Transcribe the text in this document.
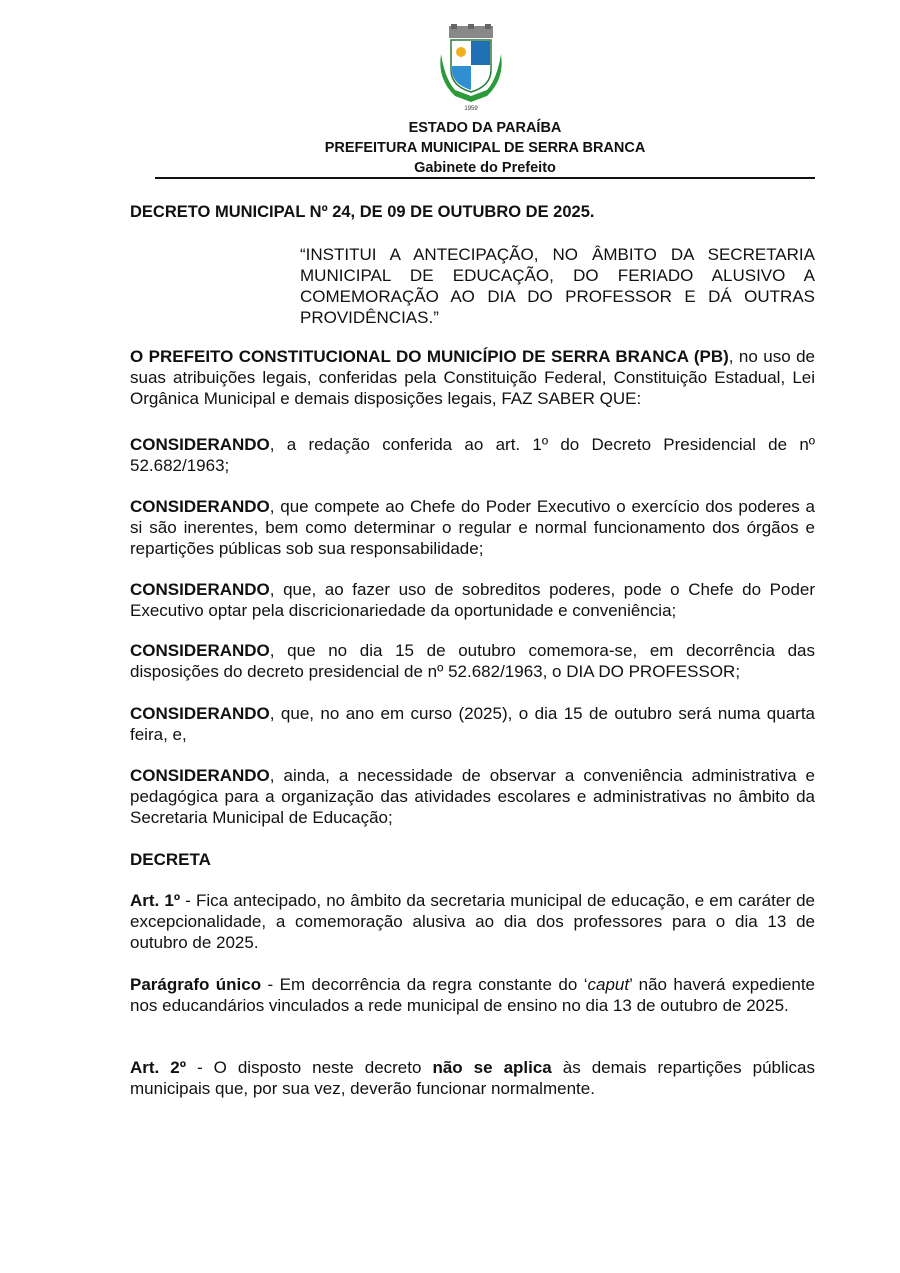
1959
ESTADO DA PARAÍBA
PREFEITURA MUNICIPAL DE SERRA BRANCA
Gabinete do Prefeito
DECRETO MUNICIPAL Nº 24, DE 09 DE OUTUBRO DE 2025.
“INSTITUI A ANTECIPAÇÃO, NO ÂMBITO DA SECRETARIA MUNICIPAL DE EDUCAÇÃO, DO FERIADO ALUSIVO A COMEMORAÇÃO AO DIA DO PROFESSOR E DÁ OUTRAS PROVIDÊNCIAS.”
O PREFEITO CONSTITUCIONAL DO MUNICÍPIO DE SERRA BRANCA (PB), no uso de suas atribuições legais, conferidas pela Constituição Federal, Constituição Estadual, Lei Orgânica Municipal e demais disposições legais, FAZ SABER QUE:
CONSIDERANDO, a redação conferida ao art. 1º do Decreto Presidencial de nº 52.682/1963;
CONSIDERANDO, que compete ao Chefe do Poder Executivo o exercício dos poderes a si são inerentes, bem como determinar o regular e normal funcionamento dos órgãos e repartições públicas sob sua responsabilidade;
CONSIDERANDO, que, ao fazer uso de sobreditos poderes, pode o Chefe do Poder Executivo optar pela discricionariedade da oportunidade e conveniência;
CONSIDERANDO, que no dia 15 de outubro comemora-se, em decorrência das disposições do decreto presidencial de nº 52.682/1963, o DIA DO PROFESSOR;
CONSIDERANDO, que, no ano em curso (2025), o dia 15 de outubro será numa quarta feira, e,
CONSIDERANDO, ainda, a necessidade de observar a conveniência administrativa e pedagógica para a organização das atividades escolares e administrativas no âmbito da Secretaria Municipal de Educação;
DECRETA
Art. 1º - Fica antecipado, no âmbito da secretaria municipal de educação, e em caráter de excepcionalidade, a comemoração alusiva ao dia dos professores para o dia 13 de outubro de 2025.
Parágrafo único - Em decorrência da regra constante do ‘caput’ não haverá expediente nos educandários vinculados a rede municipal de ensino no dia 13 de outubro de 2025.
Art. 2º - O disposto neste decreto não se aplica às demais repartições públicas municipais que, por sua vez, deverão funcionar normalmente.
